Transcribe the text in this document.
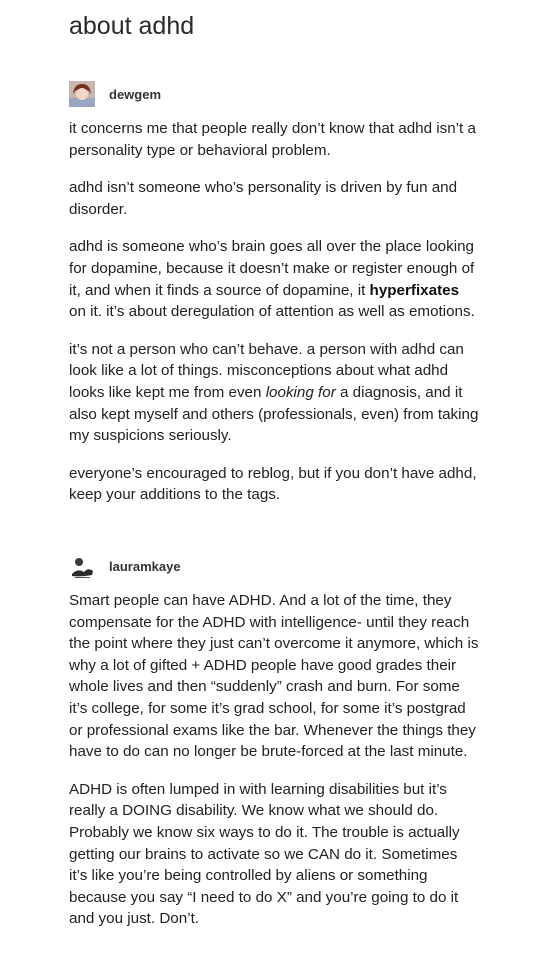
about adhd
dewgem

it concerns me that people really don’t know that adhd isn’t a personality type or behavioral problem.

adhd isn’t someone who’s personality is driven by fun and disorder.

adhd is someone who’s brain goes all over the place looking for dopamine, because it doesn’t make or register enough of it, and when it finds a source of dopamine, it hyperfixates on it. it’s about deregulation of attention as well as emotions.

it’s not a person who can’t behave. a person with adhd can look like a lot of things. misconceptions about what adhd looks like kept me from even looking for a diagnosis, and it also kept myself and others (professionals, even) from taking my suspicions seriously.

everyone’s encouraged to reblog, but if you don’t have adhd, keep your additions to the tags.

lauramkaye

Smart people can have ADHD. And a lot of the time, they compensate for the ADHD with intelligence- until they reach the point where they just can’t overcome it anymore, which is why a lot of gifted + ADHD people have good grades their whole lives and then “suddenly” crash and burn. For some it’s college, for some it’s grad school, for some it’s postgrad or professional exams like the bar. Whenever the things they have to do can no longer be brute-forced at the last minute.

ADHD is often lumped in with learning disabilities but it’s really a DOING disability. We know what we should do. Probably we know six ways to do it. The trouble is actually getting our brains to activate so we CAN do it. Sometimes it’s like you’re being controlled by aliens or something because you say “I need to do X” and you’re going to do it and you just. Don’t.
